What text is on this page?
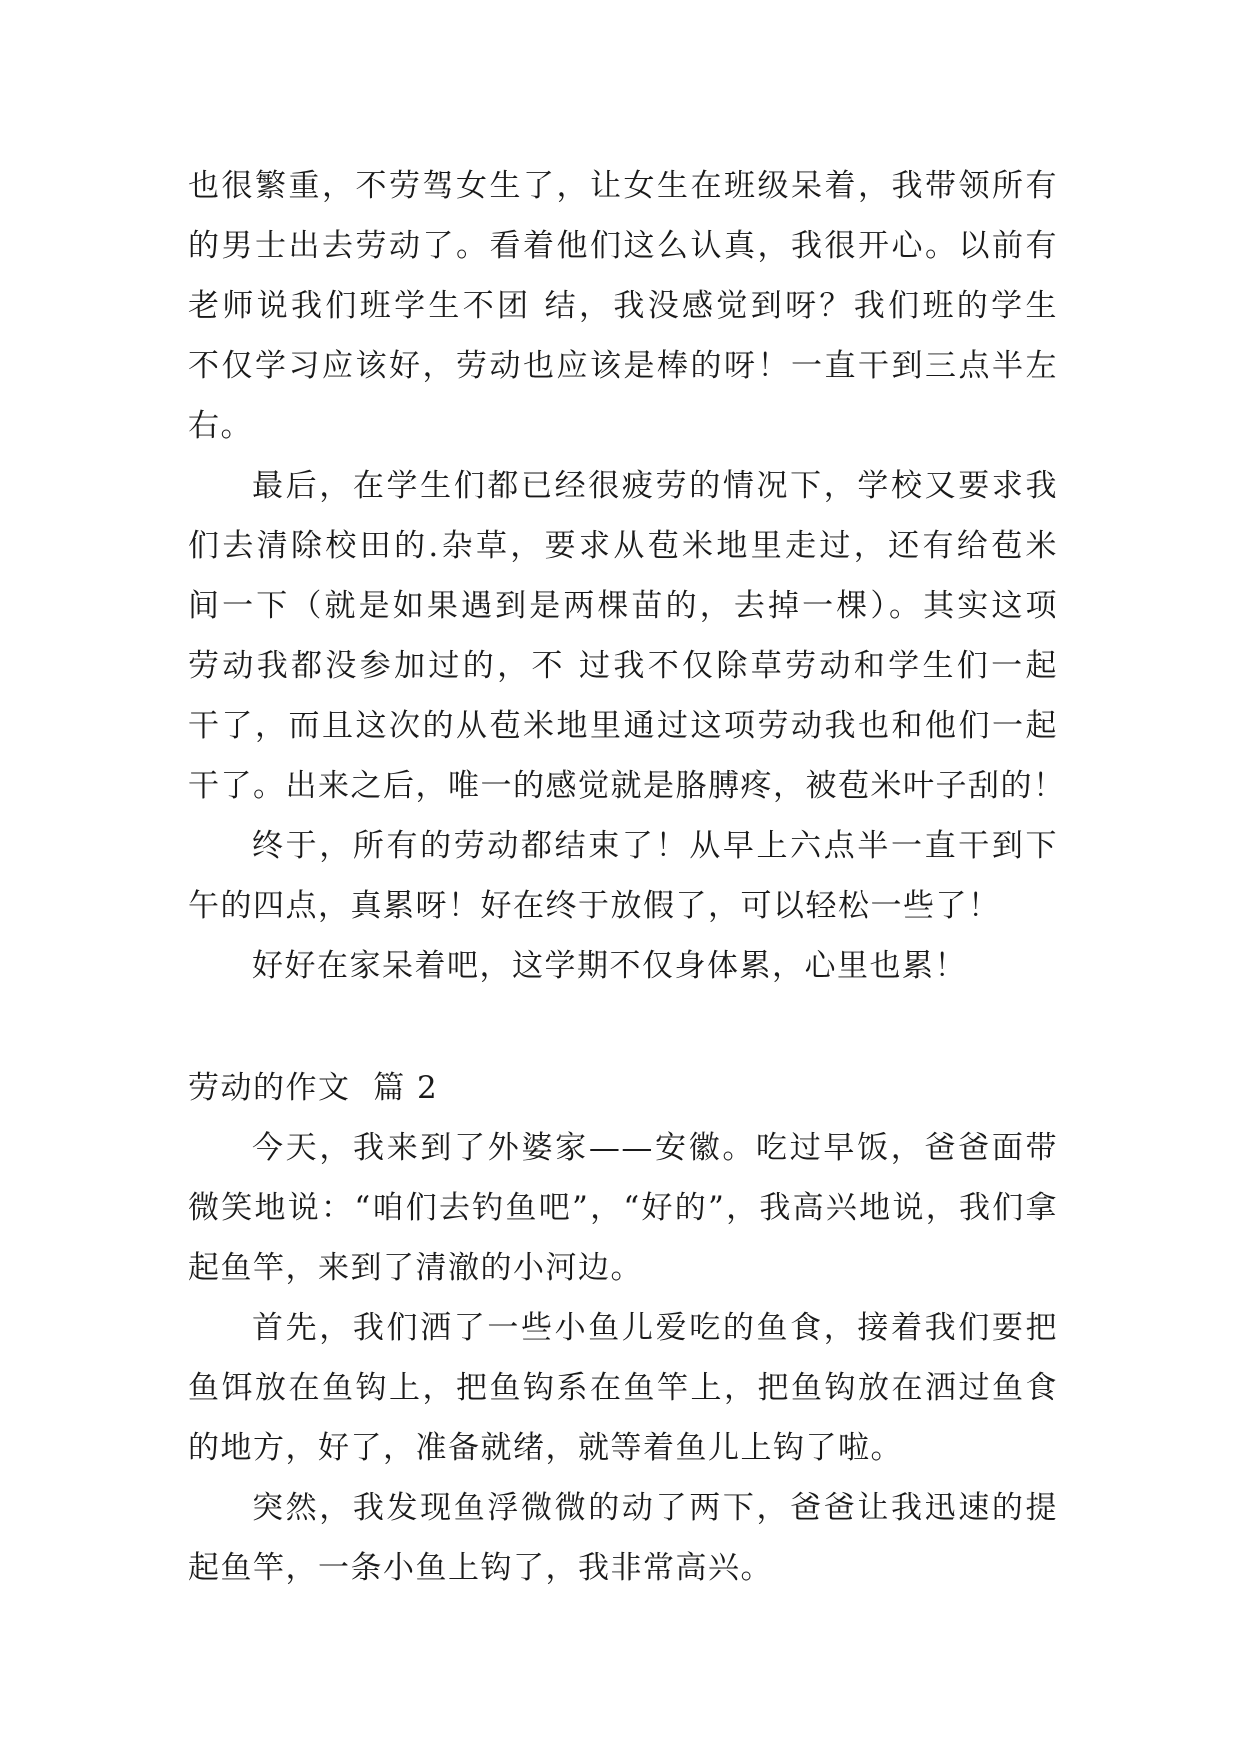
也很繁重，不劳驾女生了，让女生在班级呆着，我带领所有
的男士出去劳动了。看着他们这么认真，我很开心。以前有
老师说我们班学生不团 结，我没感觉到呀？我们班的学生
不仅学习应该好，劳动也应该是棒的呀！一直干到三点半左
右。
最后，在学生们都已经很疲劳的情况下，学校又要求我
们去清除校田的.杂草，要求从苞米地里走过，还有给苞米
间一下（就是如果遇到是两棵苗的，去掉一棵）。其实这项
劳动我都没参加过的，不 过我不仅除草劳动和学生们一起
干了，而且这次的从苞米地里通过这项劳动我也和他们一起
干了。出来之后，唯一的感觉就是胳膊疼，被苞米叶子刮的！
终于，所有的劳动都结束了！从早上六点半一直干到下
午的四点，真累呀！好在终于放假了，可以轻松一些了！
好好在家呆着吧，这学期不仅身体累，心里也累！
劳动的作文  篇 2
今天，我来到了外婆家——安徽。吃过早饭，爸爸面带
微笑地说：“咱们去钓鱼吧”，“好的”，我高兴地说，我们拿
起鱼竿，来到了清澈的小河边。
首先，我们洒了一些小鱼儿爱吃的鱼食，接着我们要把
鱼饵放在鱼钩上，把鱼钩系在鱼竿上，把鱼钩放在洒过鱼食
的地方，好了，准备就绪，就等着鱼儿上钩了啦。
突然，我发现鱼浮微微的动了两下，爸爸让我迅速的提
起鱼竿，一条小鱼上钩了，我非常高兴。
